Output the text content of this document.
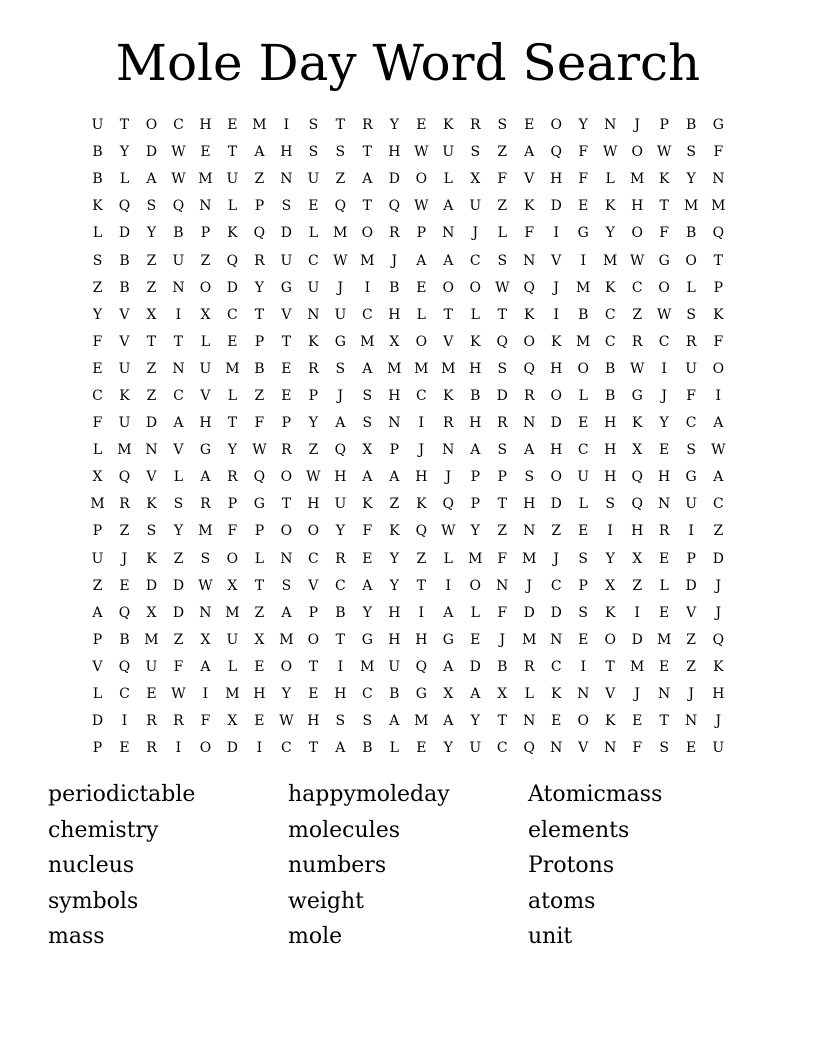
Mole Day Word Search
U	T	O	C	H	E	M	I	S	T	R	Y	E	K	R	S	E	O	Y	N	J	P	B	G
B	Y	D	W	E	T	A	H	S	S	T	H	W	U	S	Z	A	Q	F	W	O	W	S	F
B	L	A	W	M	U	Z	N	U	Z	A	D	O	L	X	F	V	H	F	L	M	K	Y	N
K	Q	S	Q	N	L	P	S	E	Q	T	Q	W	A	U	Z	K	D	E	K	H	T	M	M
L	D	Y	B	P	K	Q	D	L	M	O	R	P	N	J	L	F	I	G	Y	O	F	B	Q
S	B	Z	U	Z	Q	R	U	C	W	M	J	A	A	C	S	N	V	I	M	W	G	O	T
Z	B	Z	N	O	D	Y	G	U	J	I	B	E	O	O	W	Q	J	M	K	C	O	L	P
Y	V	X	I	X	C	T	V	N	U	C	H	L	T	L	T	K	I	B	C	Z	W	S	K
F	V	T	T	L	E	P	T	K	G	M	X	O	V	K	Q	O	K	M	C	R	C	R	F
E	U	Z	N	U	M	B	E	R	S	A	M	M	M	H	S	Q	H	O	B	W	I	U	O
C	K	Z	C	V	L	Z	E	P	J	S	H	C	K	B	D	R	O	L	B	G	J	F	I
F	U	D	A	H	T	F	P	Y	A	S	N	I	R	H	R	N	D	E	H	K	Y	C	A
L	M	N	V	G	Y	W	R	Z	Q	X	P	J	N	A	S	A	H	C	H	X	E	S	W
X	Q	V	L	A	R	Q	O	W	H	A	A	H	J	P	P	S	O	U	H	Q	H	G	A
M	R	K	S	R	P	G	T	H	U	K	Z	K	Q	P	T	H	D	L	S	Q	N	U	C
P	Z	S	Y	M	F	P	O	O	Y	F	K	Q	W	Y	Z	N	Z	E	I	H	R	I	Z
U	J	K	Z	S	O	L	N	C	R	E	Y	Z	L	M	F	M	J	S	Y	X	E	P	D
Z	E	D	D	W	X	T	S	V	C	A	Y	T	I	O	N	J	C	P	X	Z	L	D	J
A	Q	X	D	N	M	Z	A	P	B	Y	H	I	A	L	F	D	D	S	K	I	E	V	J
P	B	M	Z	X	U	X	M	O	T	G	H	H	G	E	J	M	N	E	O	D	M	Z	Q
V	Q	U	F	A	L	E	O	T	I	M	U	Q	A	D	B	R	C	I	T	M	E	Z	K
L	C	E	W	I	M	H	Y	E	H	C	B	G	X	A	X	L	K	N	V	J	N	J	H
D	I	R	R	F	X	E	W	H	S	S	A	M	A	Y	T	N	E	O	K	E	T	N	J
P	E	R	I	O	D	I	C	T	A	B	L	E	Y	U	C	Q	N	V	N	F	S	E	U
periodictable	happymoleday	Atomicmass
chemistry	molecules	elements
nucleus	numbers	Protons
symbols	weight	atoms
mass	mole	unit
